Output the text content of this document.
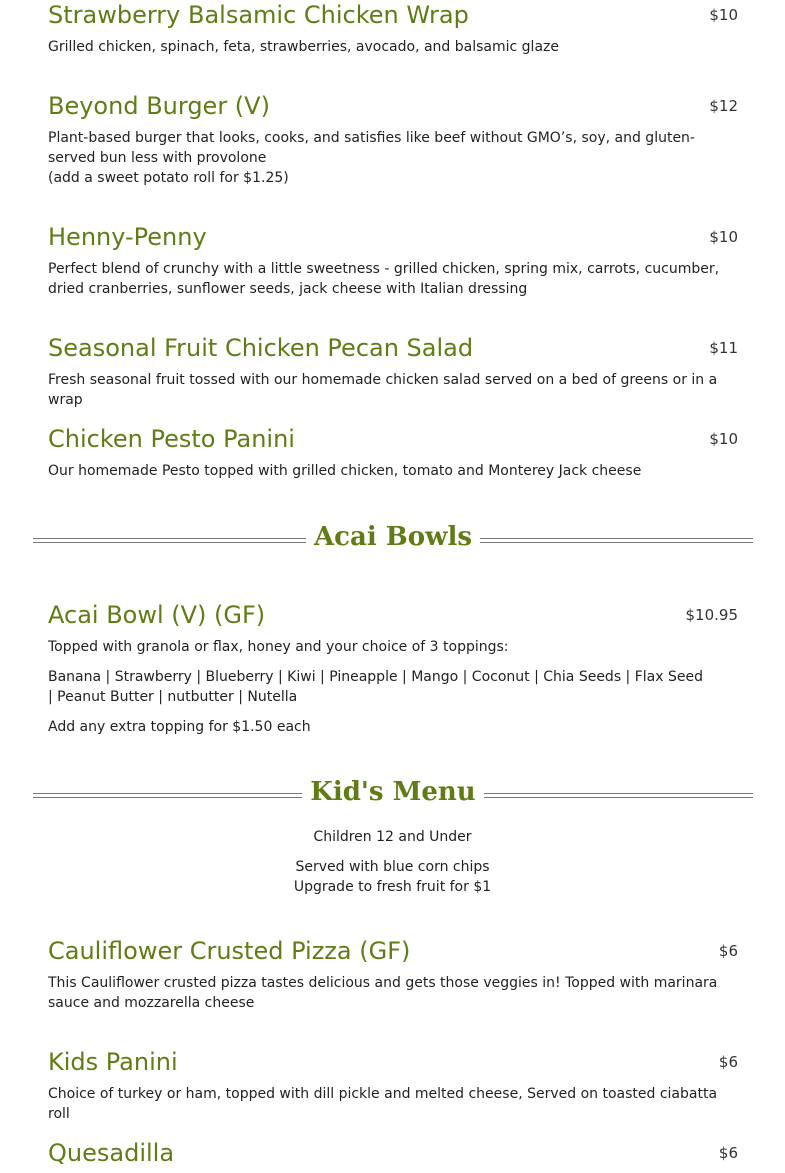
Strawberry Balsamic Chicken Wrap	$10

Grilled chicken, spinach, feta, strawberries, avocado, and balsamic glaze

Beyond Burger (V)	$12

Plant-based burger that looks, cooks, and satisfies like beef without GMO’s, soy, and gluten-served bun less with provolone

(add a sweet potato roll for $1.25)

Henny-Penny	$10

Perfect blend of crunchy with a little sweetness - grilled chicken, spring mix, carrots, cucumber, dried cranberries, sunflower seeds, jack cheese with Italian dressing

Seasonal Fruit Chicken Pecan Salad	$11

Fresh seasonal fruit tossed with our homemade chicken salad served on a bed of greens or in a wrap

Chicken Pesto Panini	$10

Our homemade Pesto topped with grilled chicken, tomato and Monterey Jack cheese

Acai Bowls
Acai Bowl (V) (GF)	$10.95

Topped with granola or flax, honey and your choice of 3 toppings:

Banana | Strawberry | Blueberry | Kiwi | Pineapple | Mango | Coconut | Chia Seeds | Flax Seed | Peanut Butter | nutbutter | Nutella

Add any extra topping for $1.50 each

Kid's Menu
Children 12 and Under
Served with blue corn chips
Upgrade to fresh fruit for $1
Cauliflower Crusted Pizza (GF)	$6

This Cauliflower crusted pizza tastes delicious and gets those veggies in! Topped with marinara sauce and mozzarella cheese

Kids Panini	$6

Choice of turkey or ham, topped with dill pickle and melted cheese, Served on toasted ciabatta roll

Quesadilla	$6
